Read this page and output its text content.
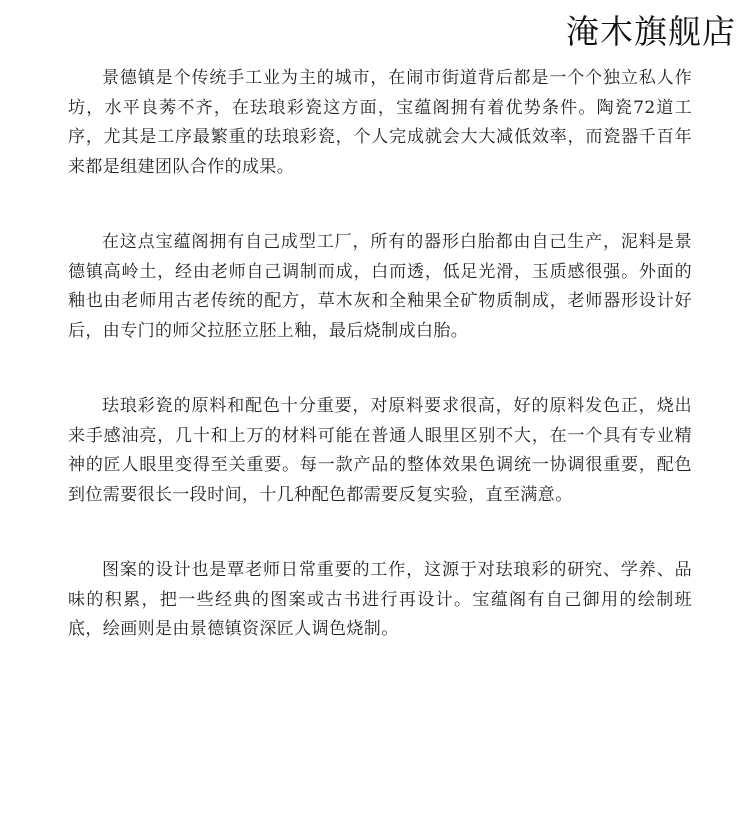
淹木旗舰店

景德镇是个传统手工业为主的城市，在闹市街道背后都是一个个独立私人作坊，水平良莠不齐，在珐琅彩瓷这方面，宝蕴阁拥有着优势条件。陶瓷72道工序，尤其是工序最繁重的珐琅彩瓷，个人完成就会大大减低效率，而瓷器千百年来都是组建团队合作的成果。

在这点宝蕴阁拥有自己成型工厂，所有的器形白胎都由自己生产，泥料是景德镇高岭土，经由老师自己调制而成，白而透，低足光滑，玉质感很强。外面的釉也由老师用古老传统的配方，草木灰和全釉果全矿物质制成，老师器形设计好后，由专门的师父拉胚立胚上釉，最后烧制成白胎。

珐琅彩瓷的原料和配色十分重要，对原料要求很高，好的原料发色正，烧出来手感油亮，几十和上万的材料可能在普通人眼里区别不大，在一个具有专业精神的匠人眼里变得至关重要。每一款产品的整体效果色调统一协调很重要，配色到位需要很长一段时间，十几种配色都需要反复实验，直至满意。

图案的设计也是覃老师日常重要的工作，这源于对珐琅彩的研究、学养、品味的积累，把一些经典的图案或古书进行再设计。宝蕴阁有自己御用的绘制班底，绘画则是由景德镇资深匠人调色烧制。
